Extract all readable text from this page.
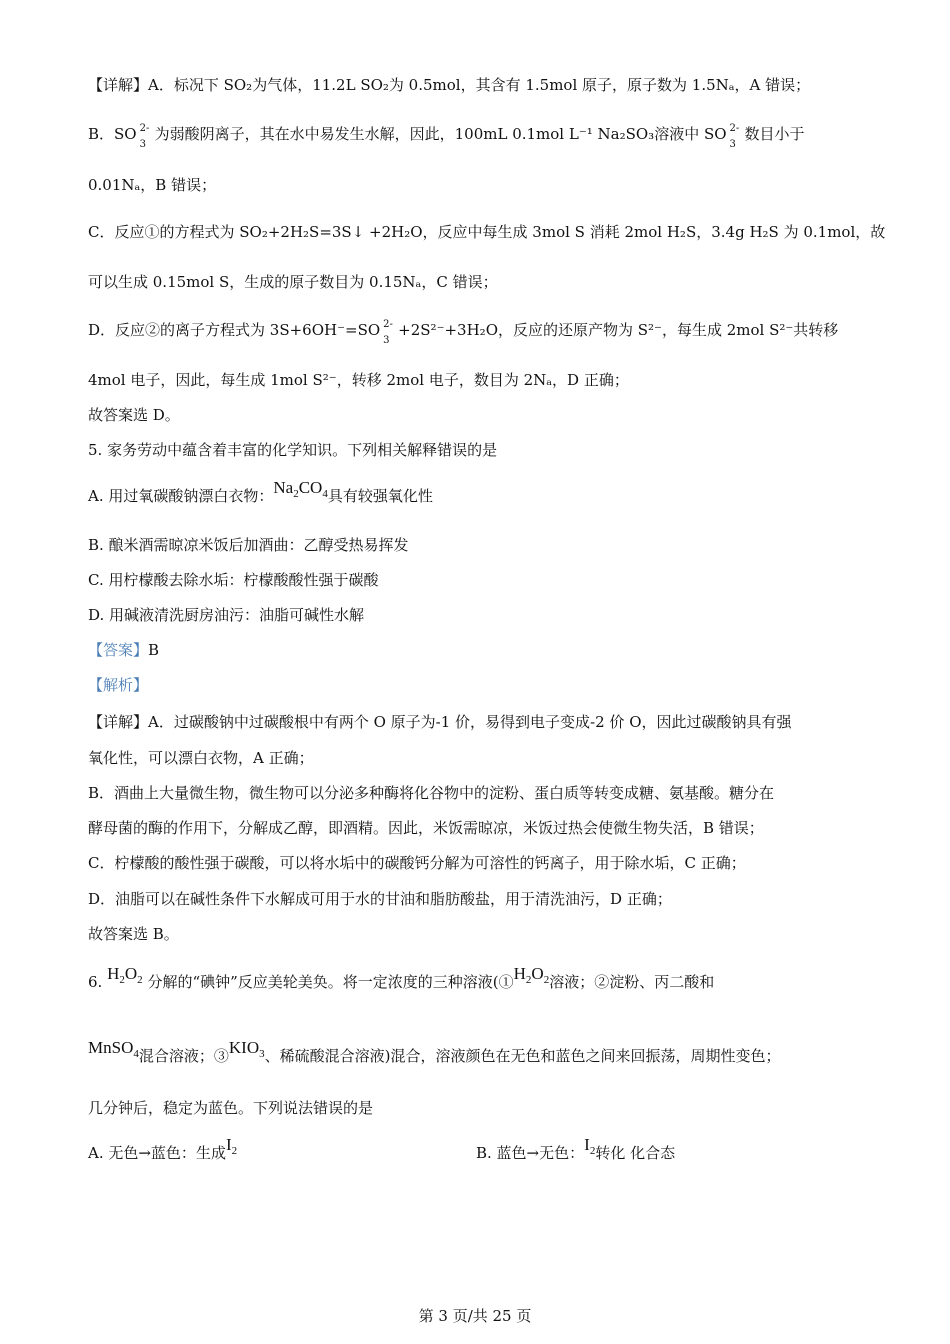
【详解】A．标况下 SO₂为气体，11.2L SO₂为 0.5mol，其含有 1.5mol 原子，原子数为 1.5Nₐ，A 错误；
B．SO 2-
3
为弱酸阴离子，其在水中易发生水解，因此，100mL 0.1mol L⁻¹ Na₂SO₃溶液中 SO 2-
3
数目小于
0.01Nₐ，B 错误；
C．反应①的方程式为 SO₂+2H₂S=3S↓ +2H₂O，反应中每生成 3mol S 消耗 2mol H₂S，3.4g H₂S 为 0.1mol，故
可以生成 0.15mol S，生成的原子数目为 0.15Nₐ，C 错误；
D．反应②的离子方程式为 3S+6OH⁻=SO 2-
3
+2S²⁻+3H₂O，反应的还原产物为 S²⁻，每生成 2mol S²⁻共转移
4mol 电子，因此，每生成 1mol S²⁻，转移 2mol 电子，数目为 2Nₐ，D 正确；
故答案选 D。
5. 家务劳动中蕴含着丰富的化学知识。下列相关解释错误的是
A. 用过氧碳酸钠漂白衣物：$Na_2CO_4$具有较强氧化性
B. 酿米酒需晾凉米饭后加酒曲：乙醇受热易挥发
C. 用柠檬酸去除水垢：柠檬酸酸性强于碳酸
D. 用碱液清洗厨房油污：油脂可碱性水解
【答案】B
【解析】
【详解】A．过碳酸钠中过碳酸根中有两个 O 原子为-1 价，易得到电子变成-2 价 O，因此过碳酸钠具有强
氧化性，可以漂白衣物，A 正确；
B．酒曲上大量微生物，微生物可以分泌多种酶将化谷物中的淀粉、蛋白质等转变成糖、氨基酸。糖分在
酵母菌的酶的作用下，分解成乙醇，即酒精。因此，米饭需晾凉，米饭过热会使微生物失活，B 错误；
C．柠檬酸的酸性强于碳酸，可以将水垢中的碳酸钙分解为可溶性的钙离子，用于除水垢，C 正确；
D．油脂可以在碱性条件下水解成可用于水的甘油和脂肪酸盐，用于清洗油污，D 正确；
故答案选 B。
6. $H_2O_2$ 分解的“碘钟”反应美轮美奂。将一定浓度的三种溶液($①H_2O_2$溶液；②淀粉、丙二酸和
MnSO$_4$混合溶液；$③KIO_3$、稀硫酸混合溶液)混合，溶液颜色在无色和蓝色之间来回振荡，周期性变色；
几分钟后，稳定为蓝色。下列说法错误的是
A. 无色→蓝色：生成$I_2$	B. 蓝色→无色：$I_2$转化 化合态
第 3 页/共 25 页
